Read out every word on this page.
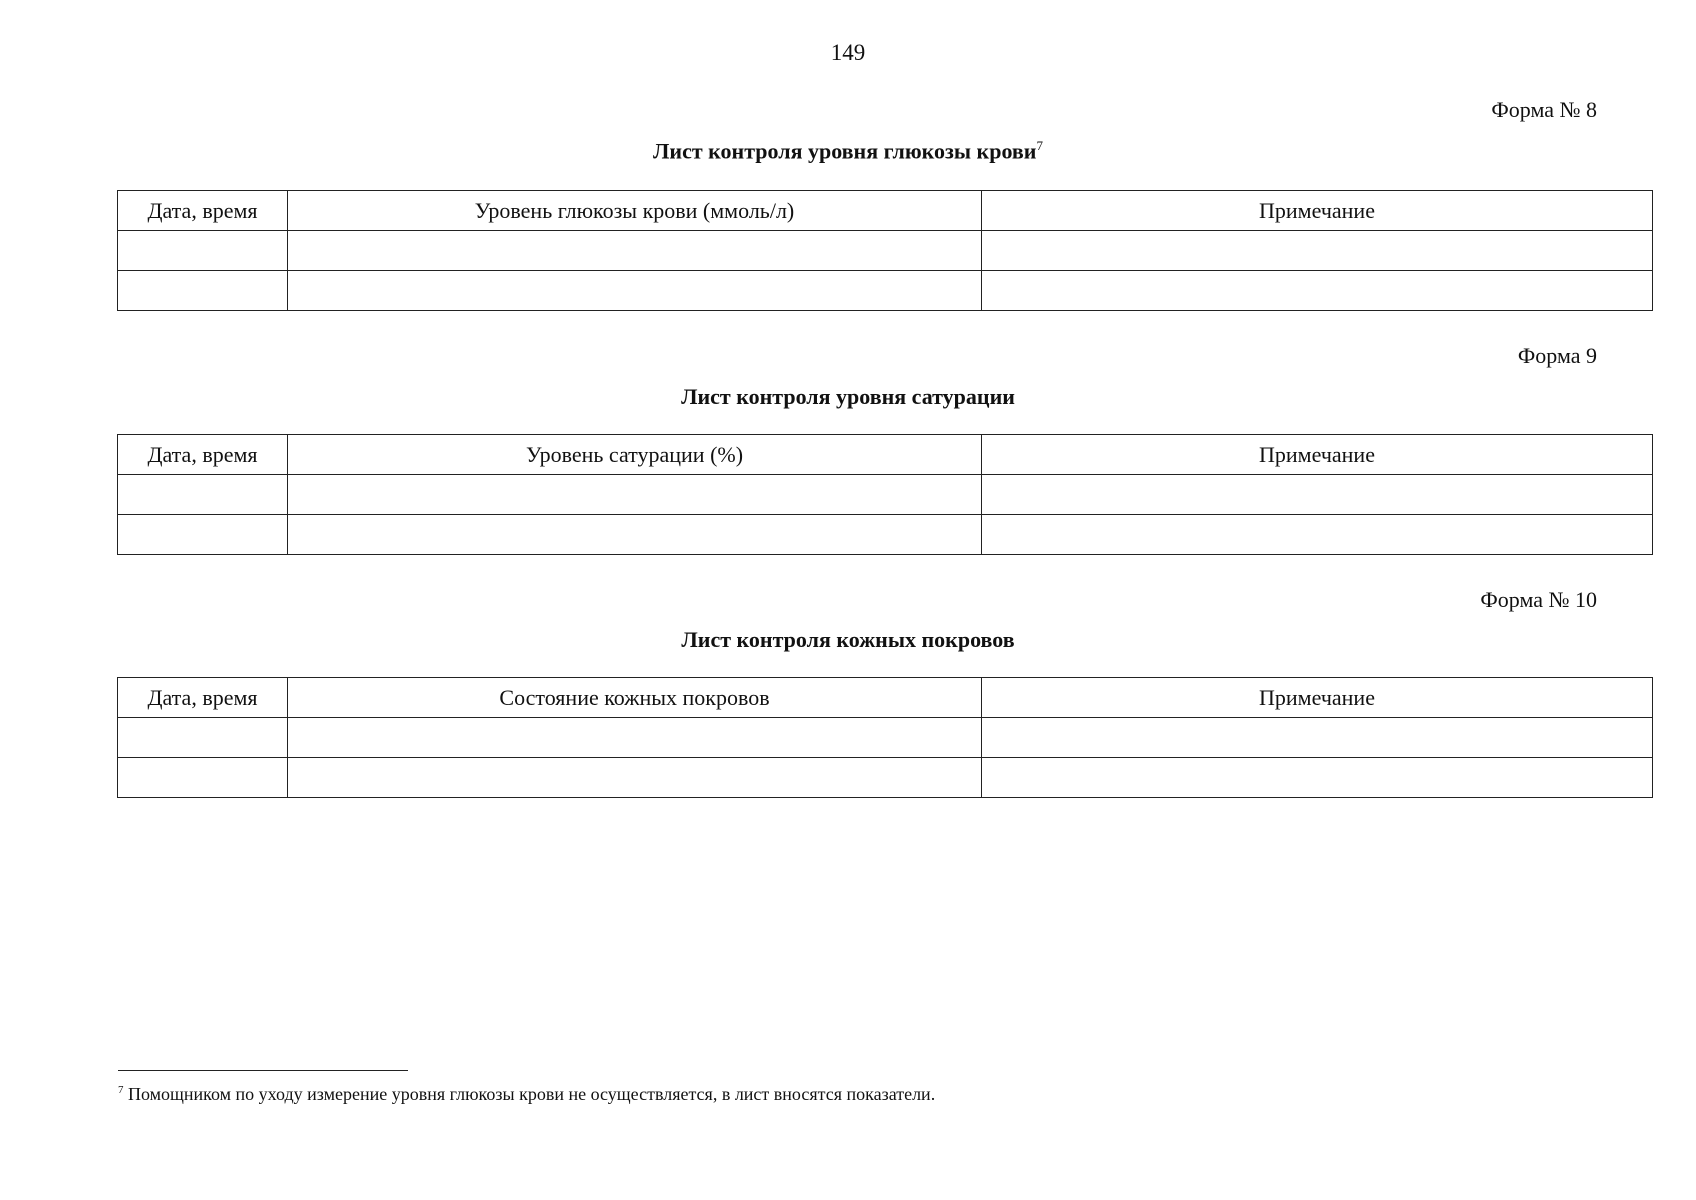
149
Форма № 8
Лист контроля уровня глюкозы крови$^7$
Дата, время	Уровень глюкозы крови (ммоль/л)	Примечание

Форма 9
Лист контроля уровня сатурации
Дата, время	Уровень сатурации (%)	Примечание

Форма № 10
Лист контроля кожных покровов
Дата, время	Состояние кожных покровов	Примечание

$^7$ Помощником по уходу измерение уровня глюкозы крови не осуществляется, в лист вносятся показатели.
